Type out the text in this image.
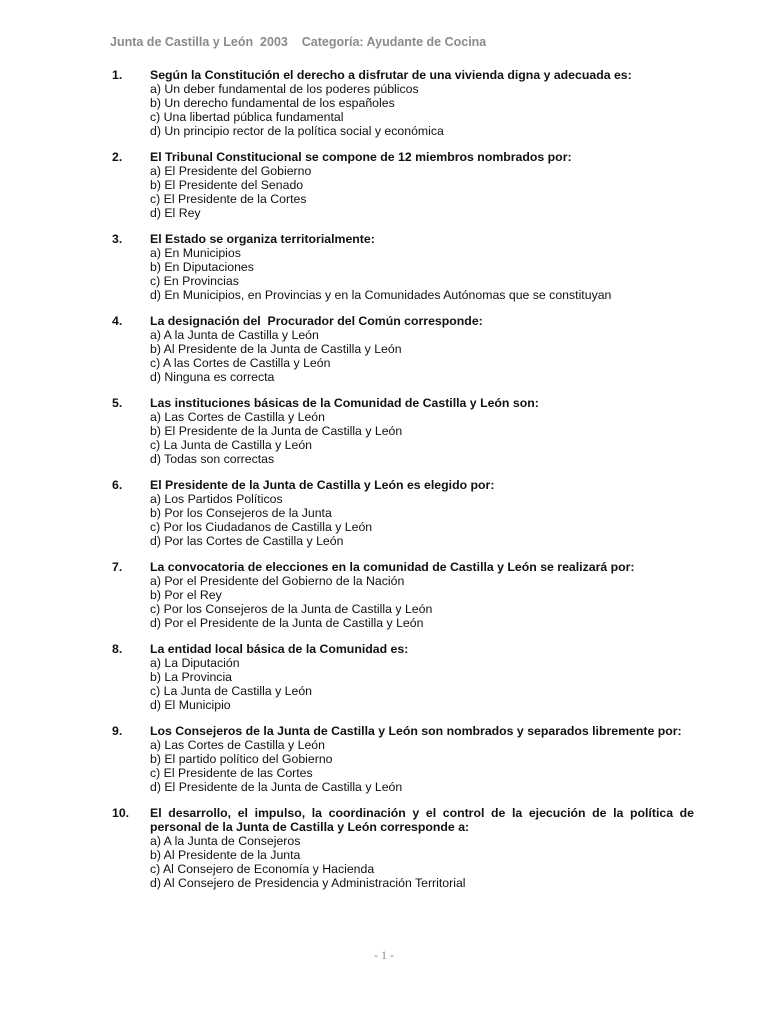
Junta de Castilla y León  2003    Categoría: Ayudante de Cocina
1.	Según la Constitución el derecho a disfrutar de una vivienda digna y adecuada es:
a) Un deber fundamental de los poderes públicos
b) Un derecho fundamental de los españoles
c) Una libertad pública fundamental
d) Un principio rector de la política social y económica
2.	El Tribunal Constitucional se compone de 12 miembros nombrados por:
a) El Presidente del Gobierno
b) El Presidente del Senado
c) El Presidente de la Cortes
d) El Rey
3.	El Estado se organiza territorialmente:
a) En Municipios
b) En Diputaciones
c) En Provincias
d) En Municipios, en Provincias y en la Comunidades Autónomas que se constituyan
4.	La designación del  Procurador del Común corresponde:
a) A la Junta de Castilla y León
b) Al Presidente de la Junta de Castilla y León
c) A las Cortes de Castilla y León
d) Ninguna es correcta
5.	Las instituciones básicas de la Comunidad de Castilla y León son:
a) Las Cortes de Castilla y León
b) El Presidente de la Junta de Castilla y León
c) La Junta de Castilla y León
d) Todas son correctas
6.	El Presidente de la Junta de Castilla y León es elegido por:
a) Los Partidos Políticos
b) Por los Consejeros de la Junta
c) Por los Ciudadanos de Castilla y León
d) Por las Cortes de Castilla y León
7.	La convocatoria de elecciones en la comunidad de Castilla y León se realizará por:
a) Por el Presidente del Gobierno de la Nación
b) Por el Rey
c) Por los Consejeros de la Junta de Castilla y León
d) Por el Presidente de la Junta de Castilla y León
8.	La entidad local básica de la Comunidad es:
a) La Diputación
b) La Provincia
c) La Junta de Castilla y León
d) El Municipio
9.	Los Consejeros de la Junta de Castilla y León son nombrados y separados libremente por:
a) Las Cortes de Castilla y León
b) El partido político del Gobierno
c) El Presidente de las Cortes
d) El Presidente de la Junta de Castilla y León
10.	El desarrollo, el impulso, la coordinación y el control de la ejecución de la política de personal de la Junta de Castilla y León corresponde a:
a) A la Junta de Consejeros
b) Al Presidente de la Junta
c) Al Consejero de Economía y Hacienda
d) Al Consejero de Presidencia y Administración Territorial
- 1 -
